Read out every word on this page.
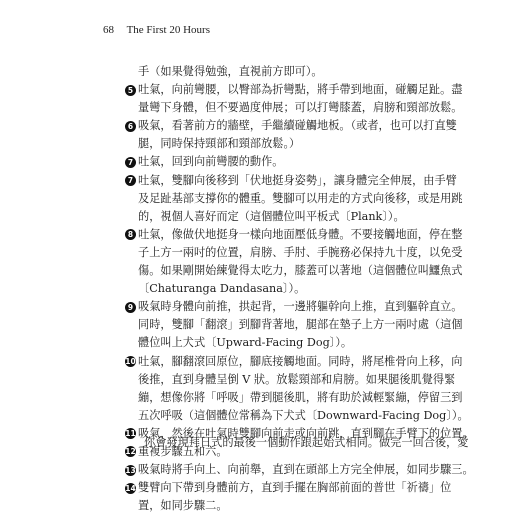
68 The First 20 Hours
手（如果覺得勉強，直視前方即可）。
5 吐氣，向前彎腰，以臀部為折彎點，將手帶到地面，碰觸足趾。盡
量彎下身體，但不要過度伸展；可以打彎膝蓋，肩膀和頸部放鬆。
6 吸氣，看著前方的牆壁，手繼續碰觸地板。（或者，也可以打直雙
腿，同時保持頸部和頸部放鬆。）
7 吐氣，回到向前彎腰的動作。
7 吐氣，雙腳向後移到「伏地挺身姿勢」，讓身體完全伸展，由手臂
及足趾基部支撐你的體重。雙腳可以用走的方式向後移，或是用跳
的，視個人喜好而定（這個體位叫平板式〔Plank〕）。
8 吐氣，像做伏地挺身一樣向地面壓低身體。不要接觸地面，停在整
子上方一兩吋的位置，肩膀、手肘、手腕務必保持九十度，以免受
傷。如果剛開始練覺得太吃力，膝蓋可以著地（這個體位叫鱷魚式
〔Chaturanga Dandasana〕）。
9 吸氣時身體向前推，拱起背，一邊將軀幹向上推，直到軀幹直立。
同時，雙腳「翻滾」到腳背著地，腿部在墊子上方一兩吋處（這個
體位叫上犬式〔Upward-Facing Dog〕）。
10 吐氣，腳翻滾回原位，腳底接觸地面。同時，將尾椎骨向上移，向
後推，直到身體呈倒 V 狀。放鬆頸部和肩膀。如果腿後肌覺得緊
繃，想像你將「呼吸」帶到腿後肌，將有助於減輕緊繃，停留三到
五次呼吸（這個體位常稱為下犬式〔Downward-Facing Dog〕）。
11 吸氣，然後在吐氣時雙腳向前走或向前跳，直到腳在手臂下的位置。
12 重複步驟五和六。
13 吸氣時將手向上、向前舉，直到在頭部上方完全伸展，如同步驟三。
14 雙臂向下帶到身體前方，直到手擺在胸部前面的普世「祈禱」位
置，如同步驟二。
你會發現拜日式的最後一個動作跟起始式相同。做完一回合後，愛
